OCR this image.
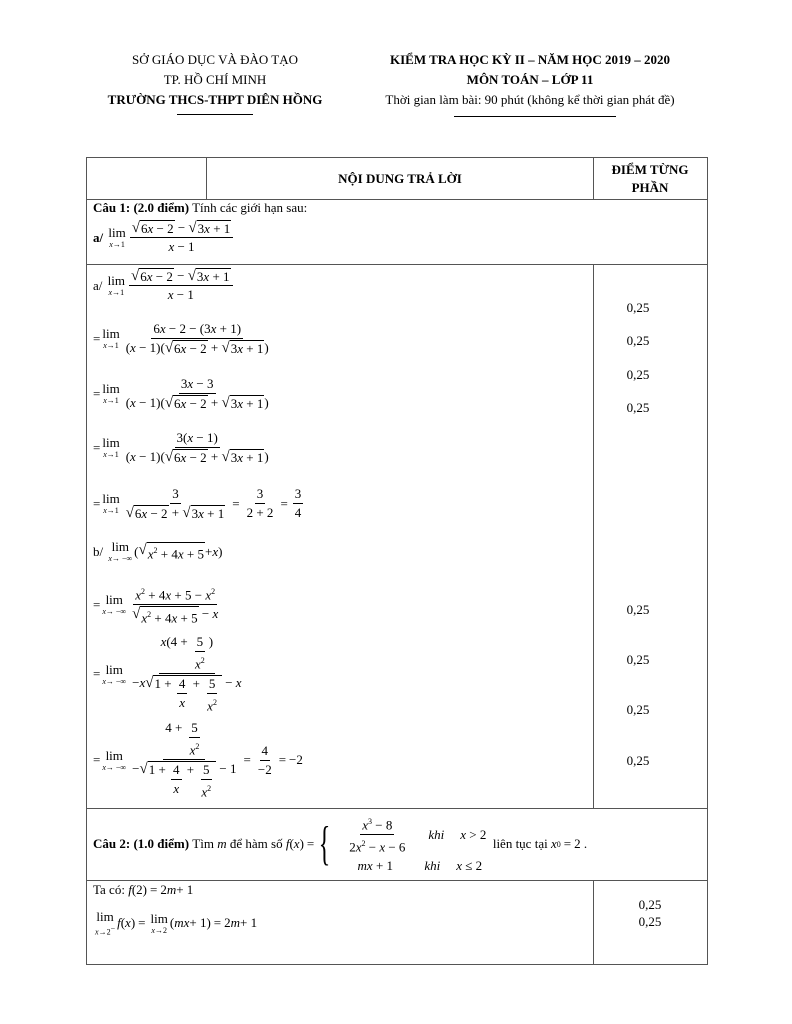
SỞ GIÁO DỤC VÀ ĐÀO TẠO
TP. HỒ CHÍ MINH
TRƯỜNG THCS-THPT DIÊN HỒNG
KIỂM TRA HỌC KỲ II – NĂM HỌC 2019 – 2020
MÔN TOÁN – LỚP 11
Thời gian làm bài: 90 phút (không kể thời gian phát đề)
NỘI DUNG TRẢ LỜI
ĐIỂM TỪNG
PHẦN
Câu 1: (2.0 điểm) Tính các giới hạn sau:
a/
lim
$x\to 1 \frac{√ 6x - 2 - √ 3x + 1}{x - 1}$
a/
lim
$x\to 1 \frac{√ 6x - 2 - √ 3x + 1}{x - 1}$
= lim
$x\to 1 \frac{6x - 2 - (3x + 1)}{(x - 1)( √ 6x - 2 + √ 3x + 1 )}$
= lim
$x\to 1 \frac{3x - 3}{(x - 1)( √ 6x - 2 + √ 3x + 1 )}$
= lim
$x\to 1 \frac{3(x - 1)}{(x - 1)( √ 6x - 2 + √ 3x + 1 )}$
= lim
$x\to 1 \frac{3}{√ 6x - 2 + √ 3x + 1} = \frac{3}{2 + 2} = \frac{3}{4}$
b/
lim
x→ −∞ ( √ $x^2 + 4x + 5 + x$ )
= lim
x→ −∞ $\frac{x^2 + 4x + 5 - x^2}{√ x^2 + 4x + 5 - x}$
= lim
x→ −∞ $\frac{x(4 + \frac{5}{x^2} )}{-x √ 1 + \frac{4}{x} + \frac{5}{x^2} - x}$
= lim
x→ −∞ $\frac{4 + \frac{5}{x^2}}{- √ 1 + \frac{4}{x} + \frac{5}{x^2} - 1} = \frac{4}{-2} = -2$
0,25
0,25
0,25
0,25
0,25
0,25
0,25
0,25
Câu 2: (1.0 điểm)
Tìm
m
để hàm số
f ( x ) = { $\frac{x^3 - 8}{2x^2 - x - 6}$ khi x > 2
mx + 1	khi x ≤ 2

liên tục tại
x 0 = 2 .
Ta có:
f (2) = 2 m + 1
lim
x→2− f ( x ) = lim
x→2 ( mx + 1) = 2 m + 1
0,25
0,25
